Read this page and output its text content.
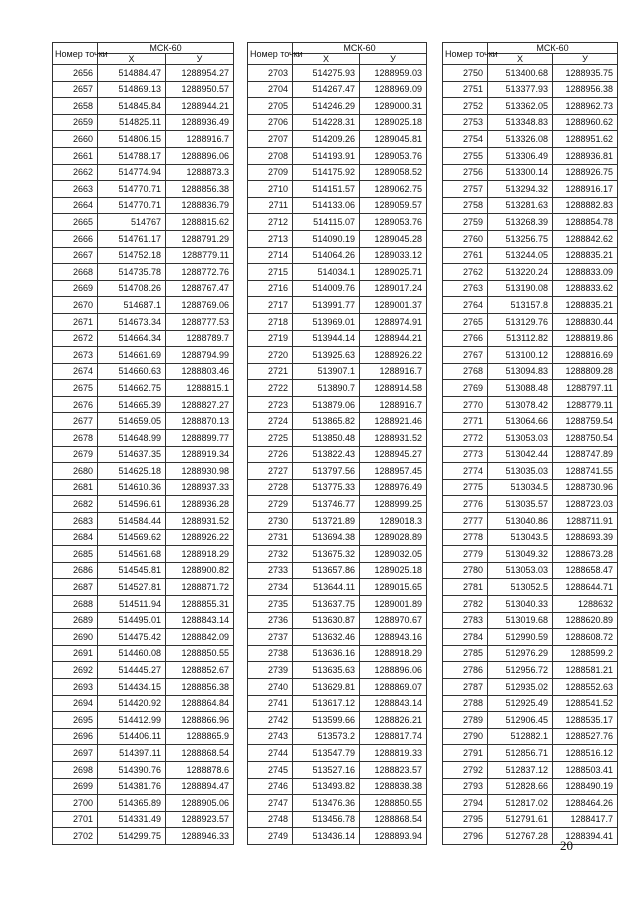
Номер точки	МСК-60	
	Х	У
2656	514884.47	1288954.27
2657	514869.13	1288950.57
2658	514845.84	1288944.21
2659	514825.11	1288936.49
2660	514806.15	1288916.7
2661	514788.17	1288896.06
2662	514774.94	1288873.3
2663	514770.71	1288856.38
2664	514770.71	1288836.79
2665	514767	1288815.62
2666	514761.17	1288791.29
2667	514752.18	1288779.11
2668	514735.78	1288772.76
2669	514708.26	1288767.47
2670	514687.1	1288769.06
2671	514673.34	1288777.53
2672	514664.34	1288789.7
2673	514661.69	1288794.99
2674	514660.63	1288803.46
2675	514662.75	1288815.1
2676	514665.39	1288827.27
2677	514659.05	1288870.13
2678	514648.99	1288899.77
2679	514637.35	1288919.34
2680	514625.18	1288930.98
2681	514610.36	1288937.33
2682	514596.61	1288936.28
2683	514584.44	1288931.52
2684	514569.62	1288926.22
2685	514561.68	1288918.29
2686	514545.81	1288900.82
2687	514527.81	1288871.72
2688	514511.94	1288855.31
2689	514495.01	1288843.14
2690	514475.42	1288842.09
2691	514460.08	1288850.55
2692	514445.27	1288852.67
2693	514434.15	1288856.38
2694	514420.92	1288864.84
2695	514412.99	1288866.96
2696	514406.11	1288865.9
2697	514397.11	1288868.54
2698	514390.76	1288878.6
2699	514381.76	1288894.47
2700	514365.89	1288905.06
2701	514331.49	1288923.57
2702	514299.75	1288946.33
Номер точки	МСК-60	
	Х	У
2703	514275.93	1288959.03
2704	514267.47	1288969.09
2705	514246.29	1289000.31
2706	514228.31	1289025.18
2707	514209.26	1289045.81
2708	514193.91	1289053.76
2709	514175.92	1289058.52
2710	514151.57	1289062.75
2711	514133.06	1289059.57
2712	514115.07	1289053.76
2713	514090.19	1289045.28
2714	514064.26	1289033.12
2715	514034.1	1289025.71
2716	514009.76	1289017.24
2717	513991.77	1289001.37
2718	513969.01	1288974.91
2719	513944.14	1288944.21
2720	513925.63	1288926.22
2721	513907.1	1288916.7
2722	513890.7	1288914.58
2723	513879.06	1288916.7
2724	513865.82	1288921.46
2725	513850.48	1288931.52
2726	513822.43	1288945.27
2727	513797.56	1288957.45
2728	513775.33	1288976.49
2729	513746.77	1288999.25
2730	513721.89	1289018.3
2731	513694.38	1289028.89
2732	513675.32	1289032.05
2733	513657.86	1289025.18
2734	513644.11	1289015.65
2735	513637.75	1289001.89
2736	513630.87	1288970.67
2737	513632.46	1288943.16
2738	513636.16	1288918.29
2739	513635.63	1288896.06
2740	513629.81	1288869.07
2741	513617.12	1288843.14
2742	513599.66	1288826.21
2743	513573.2	1288817.74
2744	513547.79	1288819.33
2745	513527.16	1288823.57
2746	513493.82	1288838.38
2747	513476.36	1288850.55
2748	513456.78	1288868.54
2749	513436.14	1288893.94
Номер точки	МСК-60	
	Х	У
2750	513400.68	1288935.75
2751	513377.93	1288956.38
2752	513362.05	1288962.73
2753	513348.83	1288960.62
2754	513326.08	1288951.62
2755	513306.49	1288936.81
2756	513300.14	1288926.75
2757	513294.32	1288916.17
2758	513281.63	1288882.83
2759	513268.39	1288854.78
2760	513256.75	1288842.62
2761	513244.05	1288835.21
2762	513220.24	1288833.09
2763	513190.08	1288833.62
2764	513157.8	1288835.21
2765	513129.76	1288830.44
2766	513112.82	1288819.86
2767	513100.12	1288816.69
2768	513094.83	1288809.28
2769	513088.48	1288797.11
2770	513078.42	1288779.11
2771	513064.66	1288759.54
2772	513053.03	1288750.54
2773	513042.44	1288747.89
2774	513035.03	1288741.55
2775	513034.5	1288730.96
2776	513035.57	1288723.03
2777	513040.86	1288711.91
2778	513043.5	1288693.39
2779	513049.32	1288673.28
2780	513053.03	1288658.47
2781	513052.5	1288644.71
2782	513040.33	1288632
2783	513019.68	1288620.89
2784	512990.59	1288608.72
2785	512976.29	1288599.2
2786	512956.72	1288581.21
2787	512935.02	1288552.63
2788	512925.49	1288541.52
2789	512906.45	1288535.17
2790	512882.1	1288527.76
2791	512856.71	1288516.12
2792	512837.12	1288503.41
2793	512828.66	1288490.19
2794	512817.02	1288464.26
2795	512791.61	1288417.7
2796	512767.28	1288394.41
20
